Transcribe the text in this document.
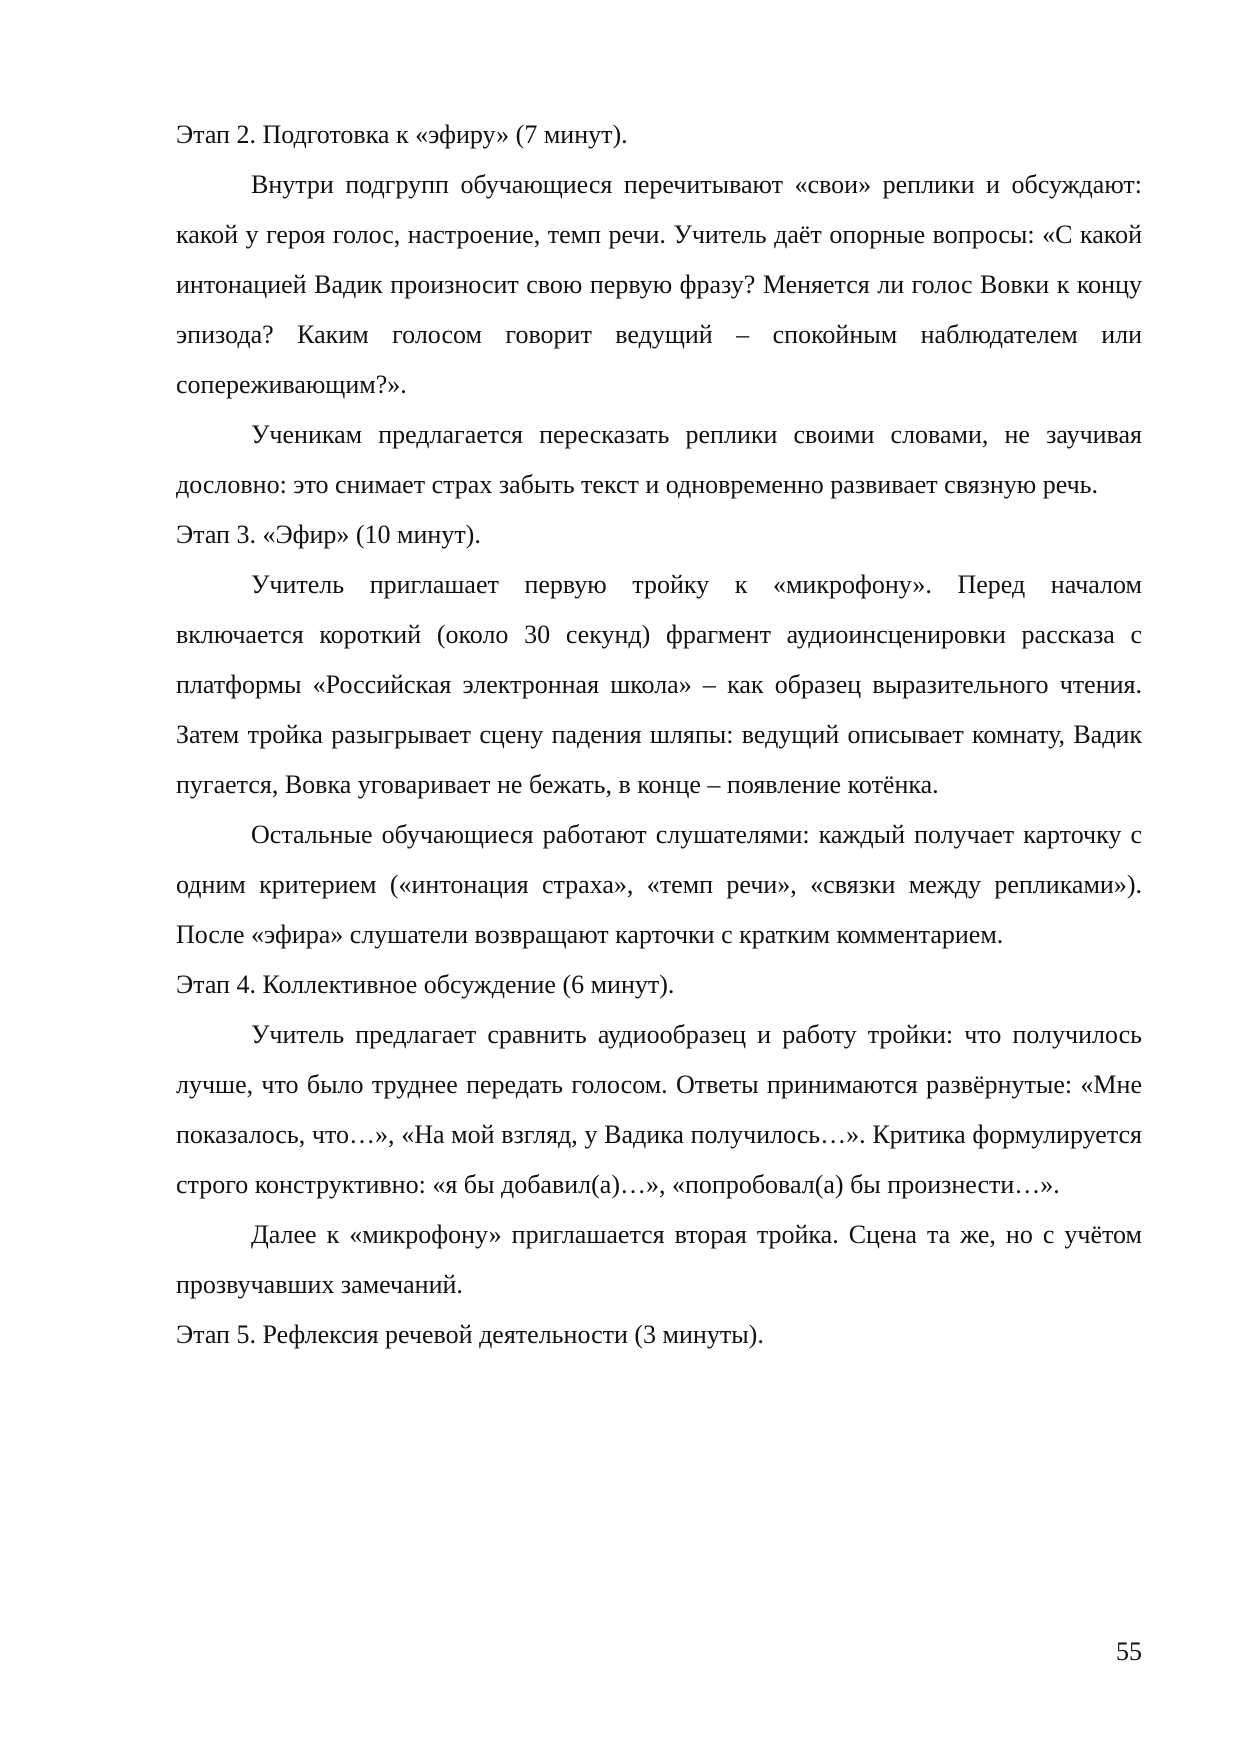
Этап 2. Подготовка к «эфиру» (7 минут).

Внутри подгрупп обучающиеся перечитывают «свои» реплики и обсуждают: какой у героя голос, настроение, темп речи. Учитель даёт опорные вопросы: «С какой интонацией Вадик произносит свою первую фразу? Меняется ли голос Вовки к концу эпизода? Каким голосом говорит ведущий – спокойным наблюдателем или сопереживающим?».

Ученикам предлагается пересказать реплики своими словами, не заучивая дословно: это снимает страх забыть текст и одновременно развивает связную речь.

Этап 3. «Эфир» (10 минут).

Учитель приглашает первую тройку к «микрофону». Перед началом включается короткий (около 30 секунд) фрагмент аудиоинсценировки рассказа с платформы «Российская электронная школа» – как образец выразительного чтения. Затем тройка разыгрывает сцену падения шляпы: ведущий описывает комнату, Вадик пугается, Вовка уговаривает не бежать, в конце – появление котёнка.

Остальные обучающиеся работают слушателями: каждый получает карточку с одним критерием («интонация страха», «темп речи», «связки между репликами»). После «эфира» слушатели возвращают карточки с кратким комментарием.

Этап 4. Коллективное обсуждение (6 минут).

Учитель предлагает сравнить аудиообразец и работу тройки: что получилось лучше, что было труднее передать голосом. Ответы принимаются развёрнутые: «Мне показалось, что…», «На мой взгляд, у Вадика получилось…». Критика формулируется строго конструктивно: «я бы добавил(а)…», «попробовал(а) бы произнести…».

Далее к «микрофону» приглашается вторая тройка. Сцена та же, но с учётом прозвучавших замечаний.

Этап 5. Рефлексия речевой деятельности (3 минуты).

55
